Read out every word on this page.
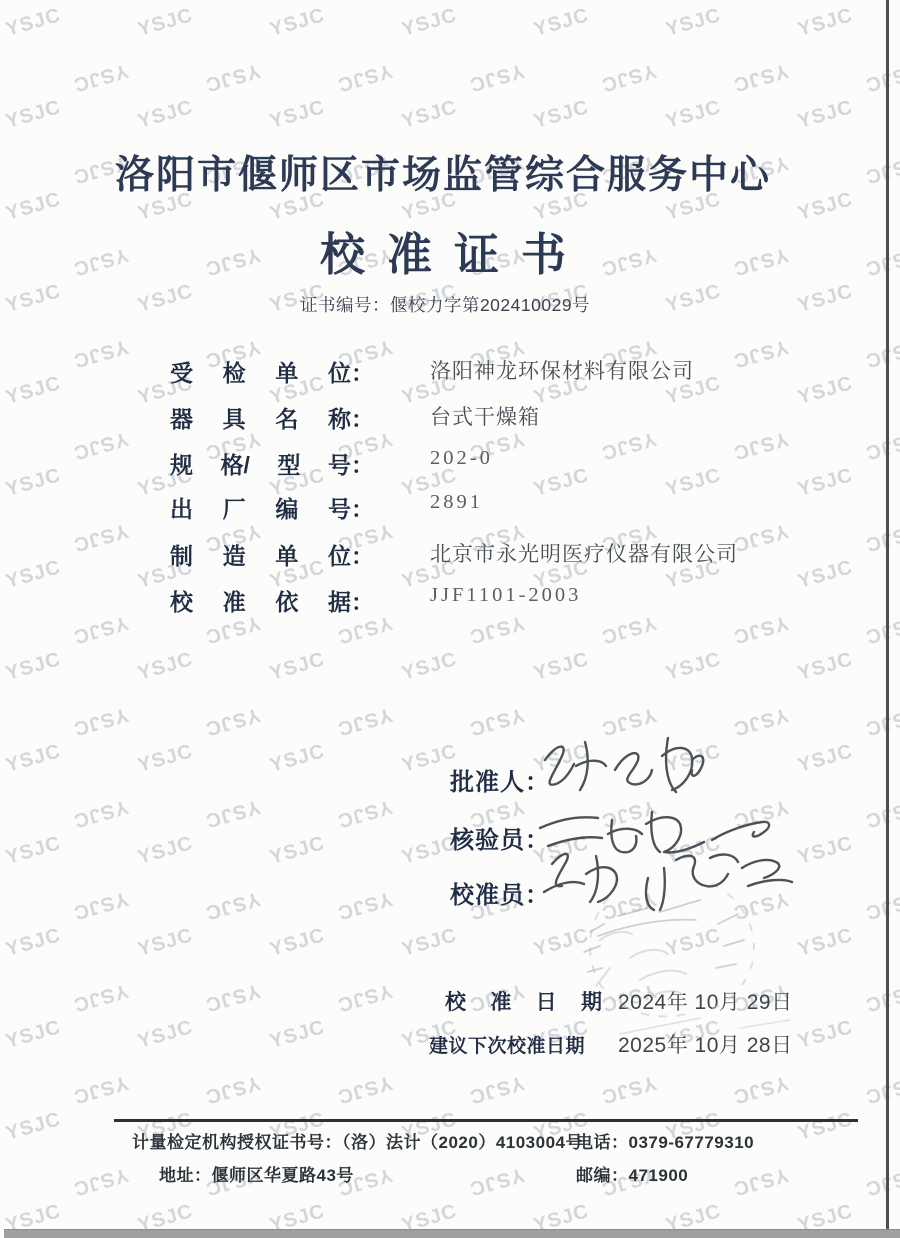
洛阳市偃师区市场监管综合服务中心
校 准 证 书
证书编号：偃校力字第202410029号
受 检 单 位：	洛阳神龙环保材料有限公司
器 具 名 称：	台式干燥箱
规 格/ 型 号：	202-0
出 厂 编 号：	2891
制 造 单 位：	北京市永光明医疗仪器有限公司
校 准 依 据：	JJF1101-2003
批准人：
核验员：
校准员：
校 准 日 期 2024年 10月 29日
建议下次校准日期 2025年 10月 28日
计量检定机构授权证书号：（洛）法计（2020）4103004号
电话：0379-67779310
地址：偃师区华夏路43号	邮编：471900
